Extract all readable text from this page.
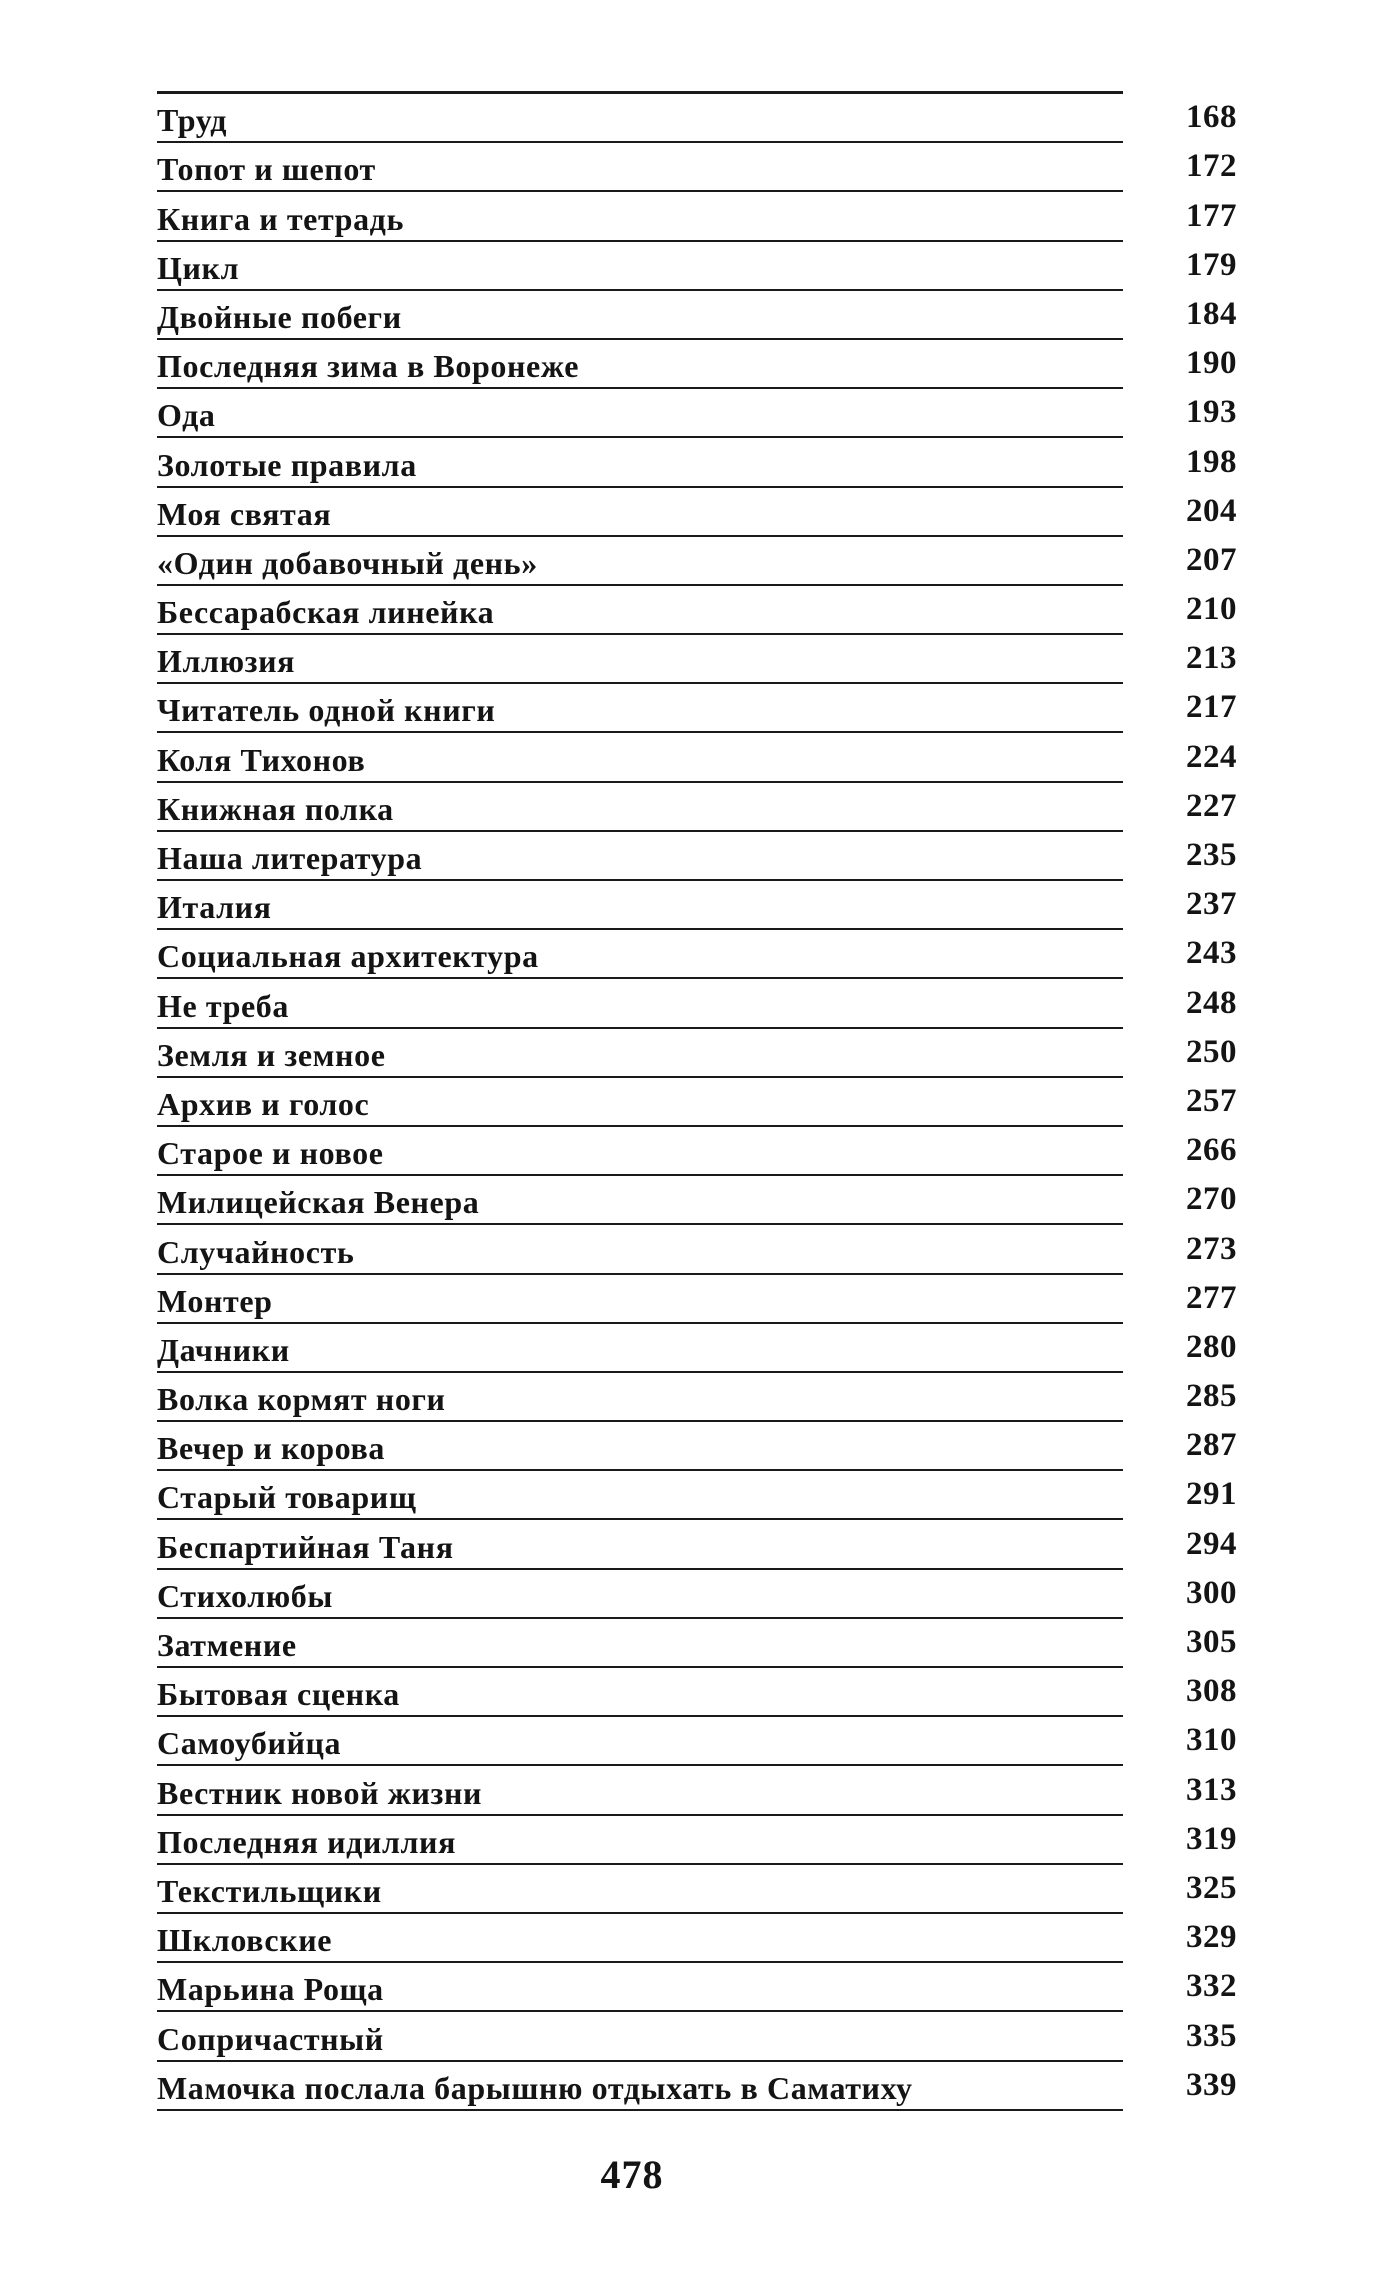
Труд	168
Топот и шепот	172
Книга и тетрадь	177
Цикл	179
Двойные побеги	184
Последняя зима в Воронеже	190
Ода	193
Золотые правила	198
Моя святая	204
«Один добавочный день»	207
Бессарабская линейка	210
Иллюзия	213
Читатель одной книги	217
Коля Тихонов	224
Книжная полка	227
Наша литература	235
Италия	237
Социальная архитектура	243
Не треба	248
Земля и земное	250
Архив и голос	257
Старое и новое	266
Милицейская Венера	270
Случайность	273
Монтер	277
Дачники	280
Волка кормят ноги	285
Вечер и корова	287
Старый товарищ	291
Беспартийная Таня	294
Стихолюбы	300
Затмение	305
Бытовая сценка	308
Самоубийца	310
Вестник новой жизни	313
Последняя идиллия	319
Текстильщики	325
Шкловские	329
Марьина Роща	332
Сопричастный	335
Мамочка послала барышню отдыхать в Саматиху	339
478
